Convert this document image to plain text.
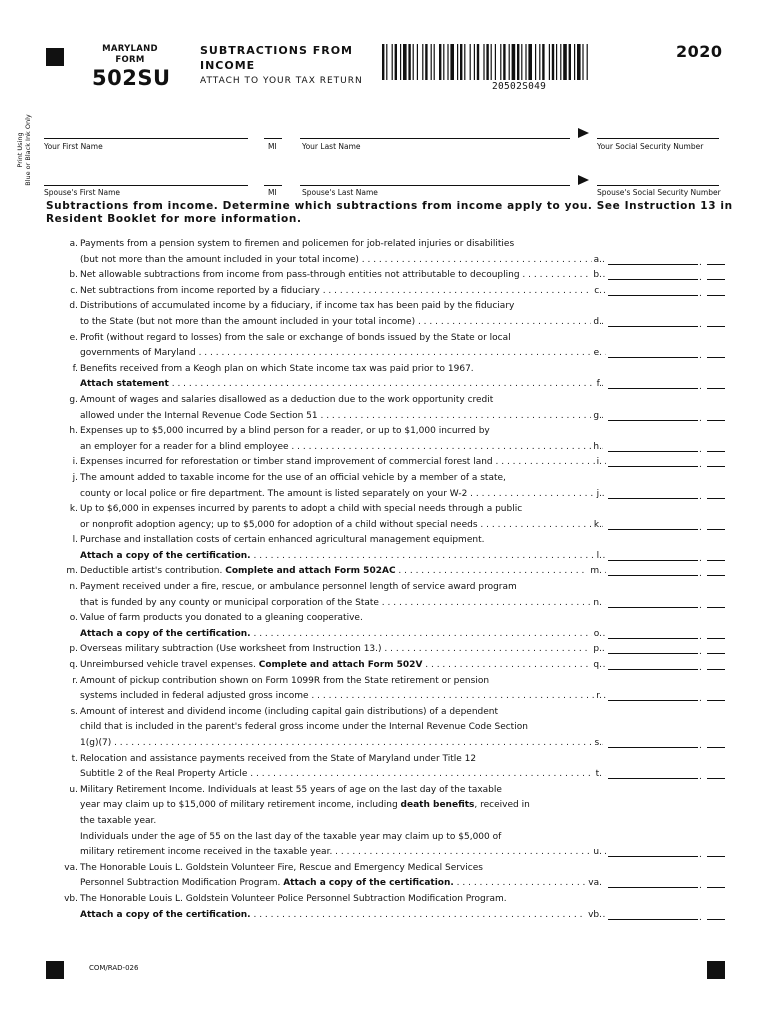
MARYLAND
FORM
502SU
SUBTRACTIONS FROM INCOME
ATTACH TO YOUR TAX RETURN	20502S049
2020
Print Using Blue or Black Ink Only Your First Name	MI	Your Last Name	Your Social Security Number
Spouse's First Name	MI	Spouse's Last Name	Spouse's Social Security Number
Subtractions from income. Determine which subtractions from income apply to you. See Instruction 13 in Resident Booklet for more information.
a. Payments from a pension system to firemen and policemen for job-related injuries or disabilities
(but not more than the amount included in your total income) . . .	a.	.
b. Net allowable subtractions from income from pass-through entities not attributable to decoupling . . .	b.	.
c. Net subtractions from income reported by a fiduciary . . .	c.	.
d. Distributions of accumulated income by a fiduciary, if income tax has been paid by the fiduciary
to the State (but not more than the amount included in your total income) . . .	d.	.
e. Profit (without regard to losses) from the sale or exchange of bonds issued by the State or local
governments of Maryland . . .	e.	.
f. Benefits received from a Keogh plan on which State income tax was paid prior to 1967.
Attach statement . . .	f.	.
g. Amount of wages and salaries disallowed as a deduction due to the work opportunity credit
allowed under the Internal Revenue Code Section 51 . . .	g.	.
h. Expenses up to $5,000 incurred by a blind person for a reader, or up to $1,000 incurred by
an employer for a reader for a blind employee . . .	h.	.
i. Expenses incurred for reforestation or timber stand improvement of commercial forest land . . .	i.	.
j. The amount added to taxable income for the use of an official vehicle by a member of a state,
county or local police or fire department. The amount is listed separately on your W-2 . . .	j.	.
k. Up to $6,000 in expenses incurred by parents to adopt a child with special needs through a public
or nonprofit adoption agency; up to $5,000 for adoption of a child without special needs . . .	k.	.
l. Purchase and installation costs of certain enhanced agricultural management equipment.
Attach a copy of the certification. . . .	l.	.
m. Deductible artist's contribution. Complete and attach Form 502AC . . .	m.	.
n. Payment received under a fire, rescue, or ambulance personnel length of service award program
that is funded by any county or municipal corporation of the State . . .	n.	.
o. Value of farm products you donated to a gleaning cooperative.
Attach a copy of the certification. . . .	o.	.
p. Overseas military subtraction (Use worksheet from Instruction 13.) . . .	p.	.
q. Unreimbursed vehicle travel expenses. Complete and attach Form 502V . . .	q.	.
r. Amount of pickup contribution shown on Form 1099R from the State retirement or pension
systems included in federal adjusted gross income . . .	r.	.
s. Amount of interest and dividend income (including capital gain distributions) of a dependent
child that is included in the parent's federal gross income under the Internal Revenue Code Section
1(g)(7) . . .	s.	.
t. Relocation and assistance payments received from the State of Maryland under Title 12
Subtitle 2 of the Real Property Article . . .	t.	.
u. Military Retirement Income. Individuals at least 55 years of age on the last day of the taxable
year may claim up to $15,000 of military retirement income, including death benefits, received in
the taxable year.
Individuals under the age of 55 on the last day of the taxable year may claim up to $5,000 of
military retirement income received in the taxable year. . . .	u.	.
va. The Honorable Louis L. Goldstein Volunteer Fire, Rescue and Emergency Medical Services
Personnel Subtraction Modification Program. Attach a copy of the certification. . . .	va.	.
vb. The Honorable Louis L. Goldstein Volunteer Police Personnel Subtraction Modification Program.
Attach a copy of the certification. . . .	vb.	.
COM/RAD-026
